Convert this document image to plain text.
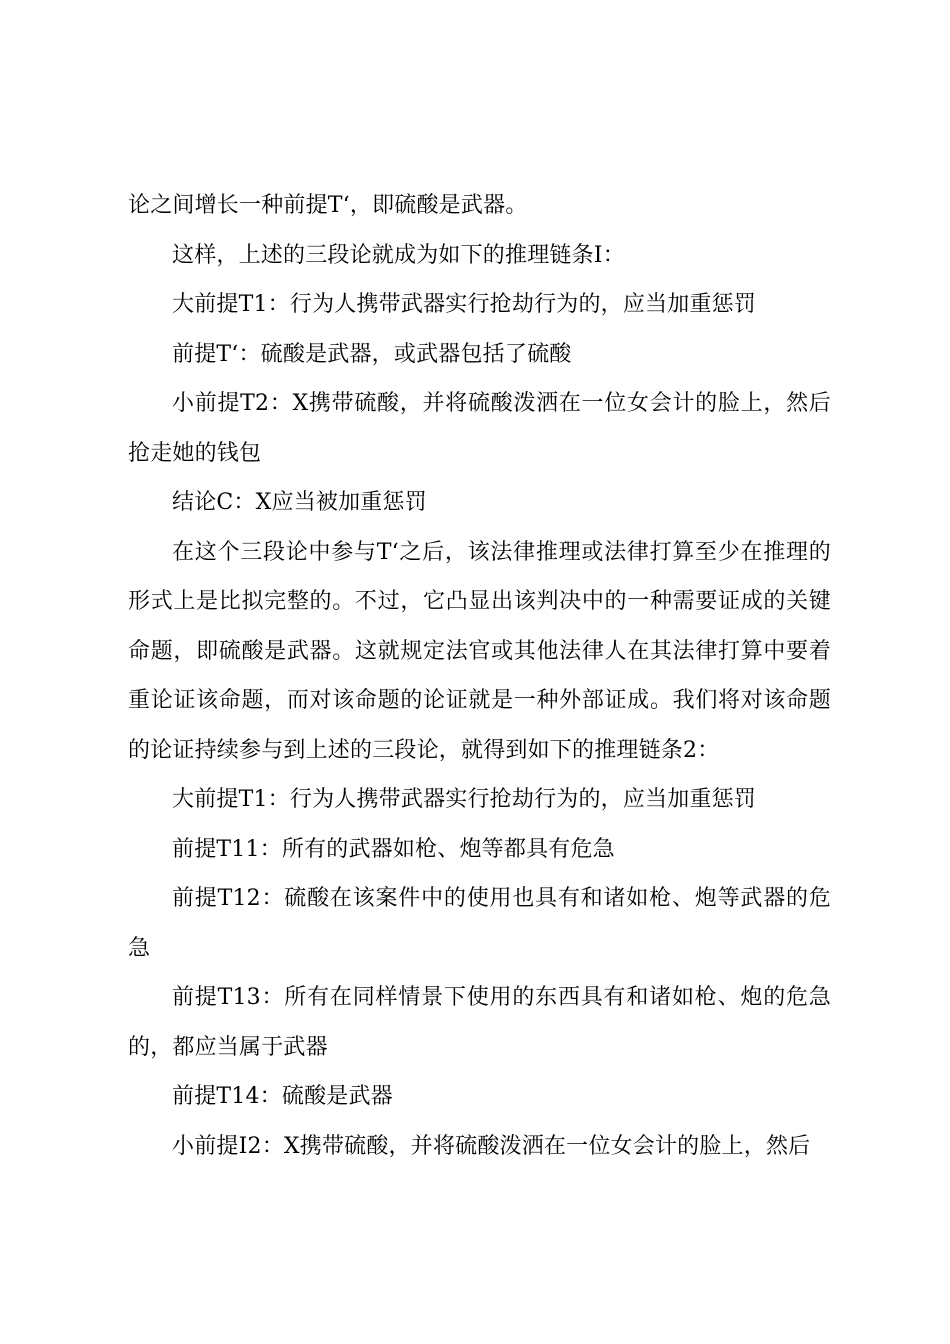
论之间增长一种前提T‘，即硫酸是武器。

这样，上述的三段论就成为如下的推理链条I：

大前提T1：行为人携带武器实行抢劫行为的，应当加重惩罚

前提T‘：硫酸是武器，或武器包括了硫酸

小前提T2：X携带硫酸，并将硫酸泼洒在一位女会计的脸上，然后抢走她的钱包

结论C：X应当被加重惩罚

在这个三段论中参与T‘之后，该法律推理或法律打算至少在推理的形式上是比拟完整的。不过，它凸显出该判决中的一种需要证成的关键命题，即硫酸是武器。这就规定法官或其他法律人在其法律打算中要着重论证该命题，而对该命题的论证就是一种外部证成。我们将对该命题的论证持续参与到上述的三段论，就得到如下的推理链条2：

大前提T1：行为人携带武器实行抢劫行为的，应当加重惩罚

前提T11：所有的武器如枪、炮等都具有危急

前提T12：硫酸在该案件中的使用也具有和诸如枪、炮等武器的危急

前提T13：所有在同样情景下使用的东西具有和诸如枪、炮的危急的，都应当属于武器

前提T14：硫酸是武器

小前提I2：X携带硫酸，并将硫酸泼洒在一位女会计的脸上，然后
